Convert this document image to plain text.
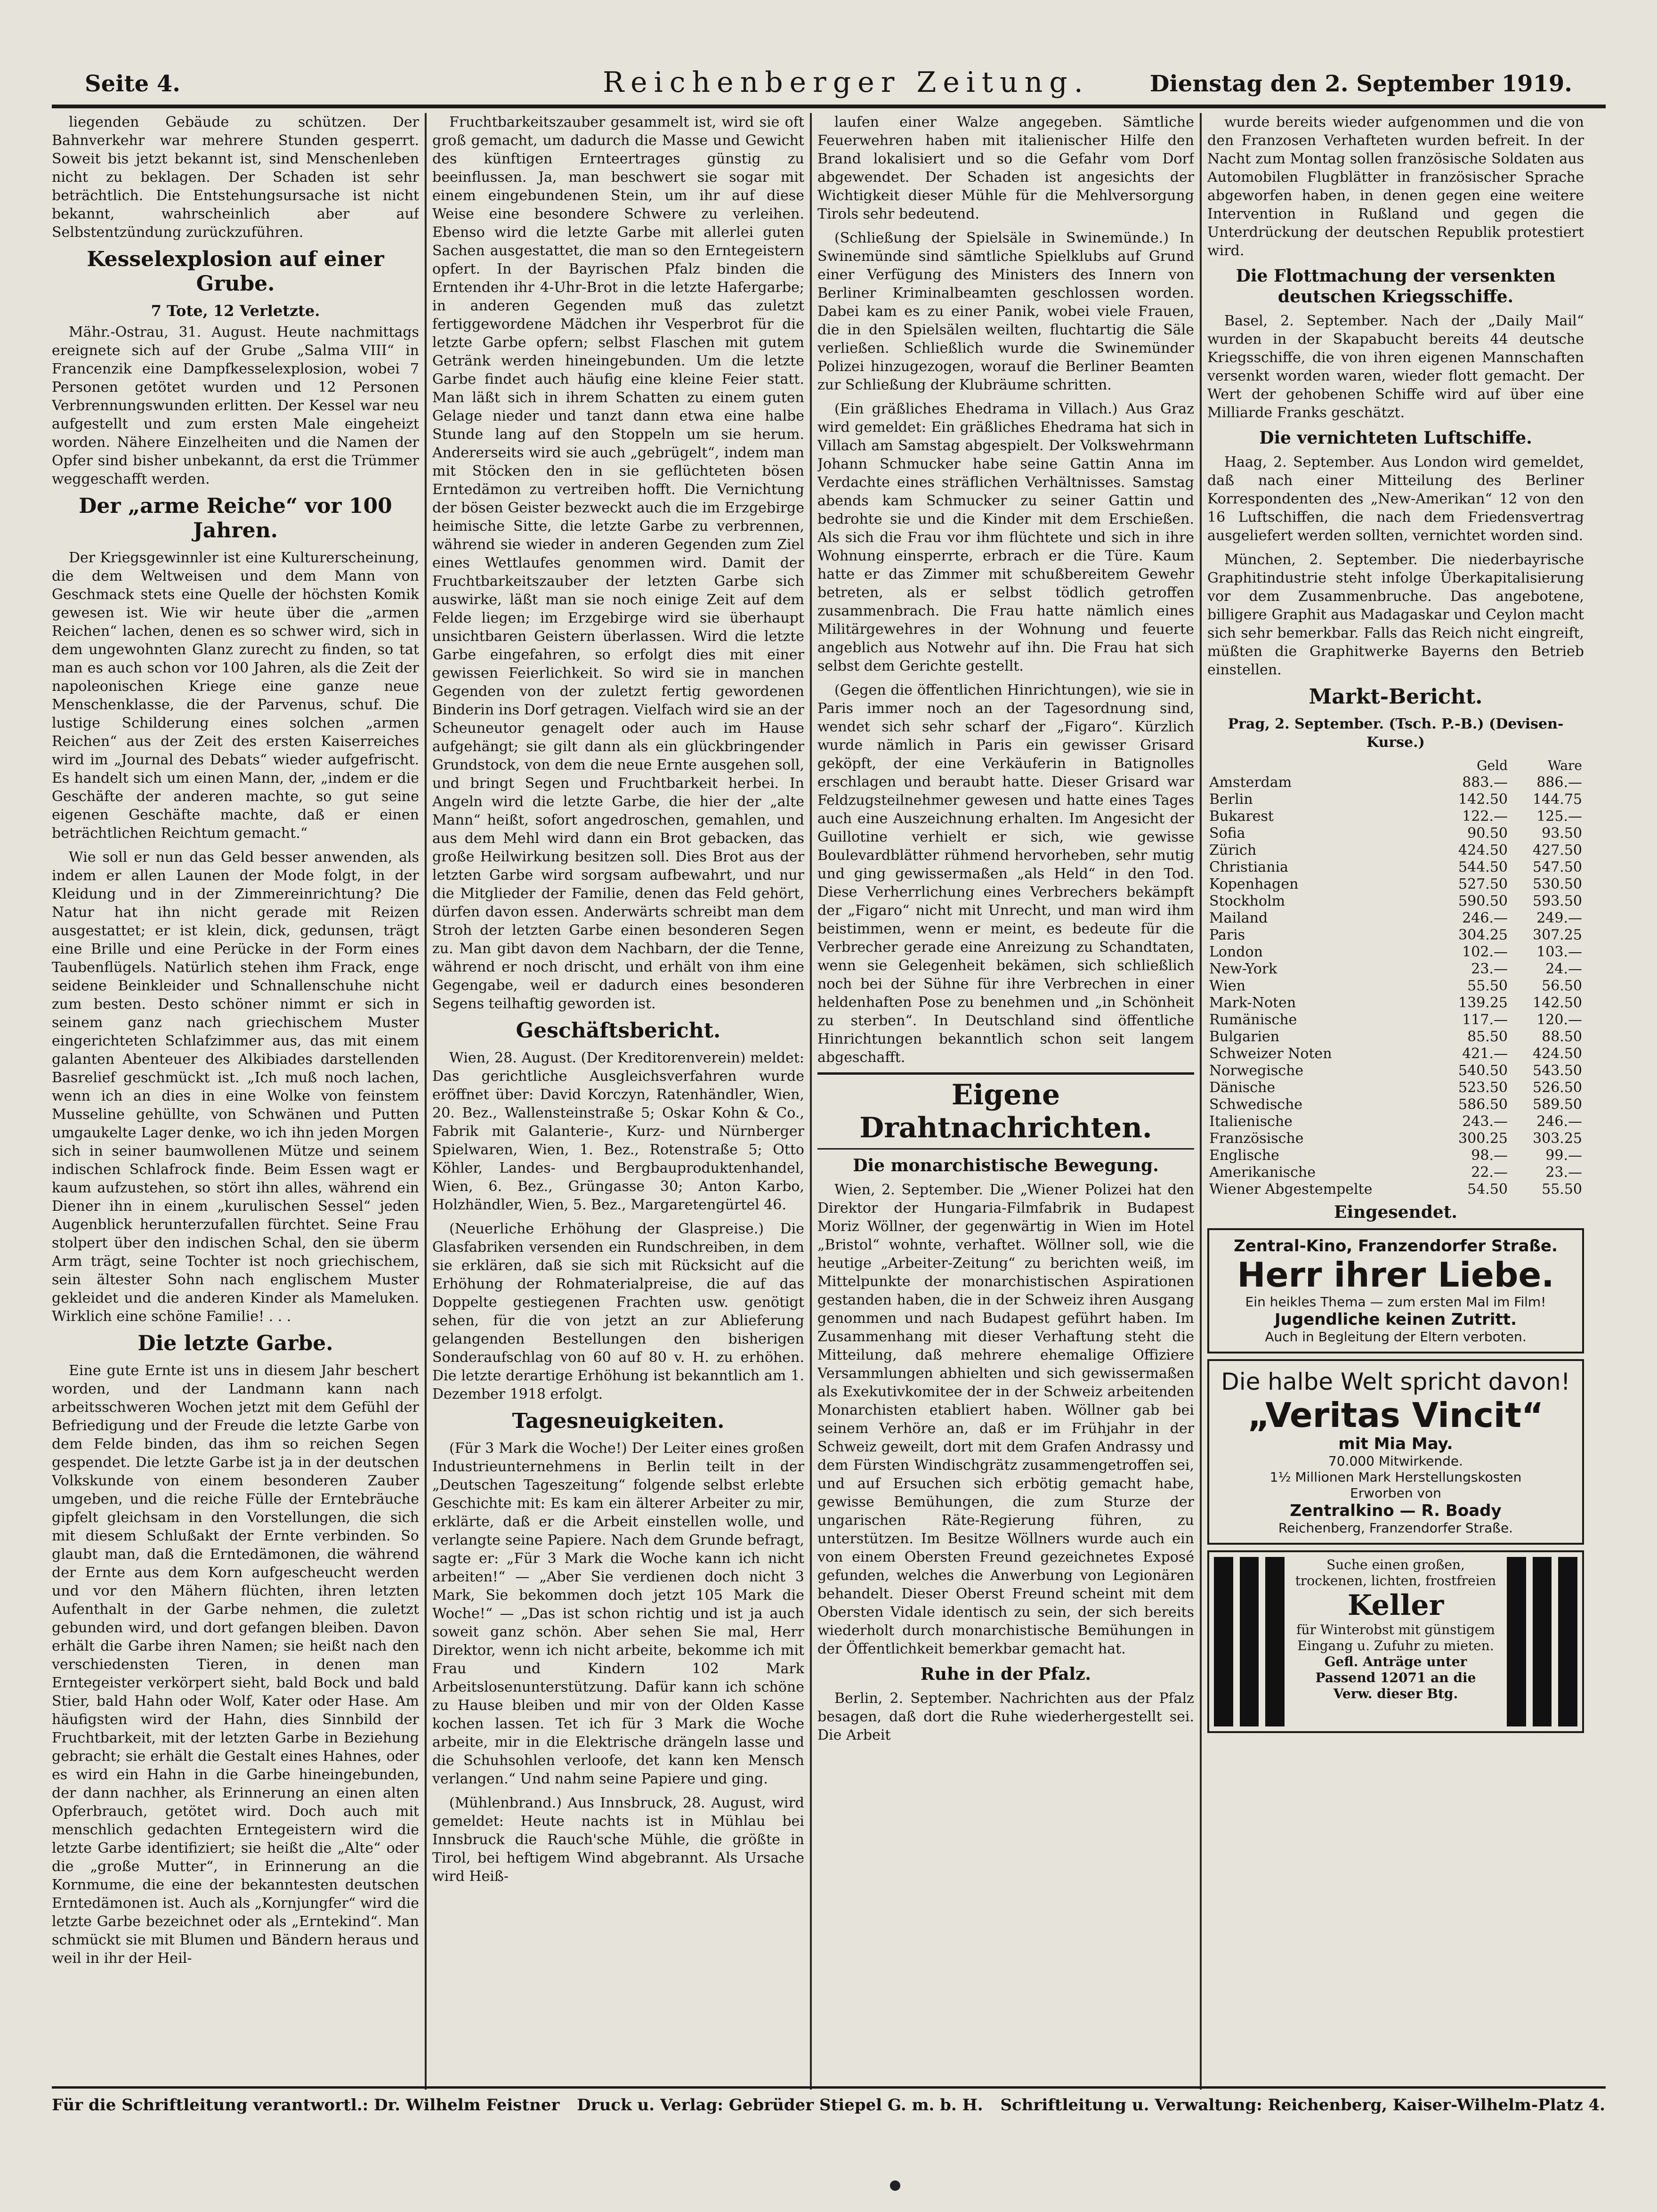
Seite 4.	Reichenberger Zeitung.	Dienstag den 2. September 1919.

liegenden Gebäude zu schützen. Der Bahnverkehr war mehrere Stunden gesperrt. Soweit bis jetzt bekannt ist, sind Menschenleben nicht zu beklagen. Der Schaden ist sehr beträchtlich. Die Entstehungsursache ist nicht bekannt, wahrscheinlich aber auf Selbstentzündung zurückzuführen.

Kesselexplosion auf einer Grube.

7 Tote, 12 Verletzte.

Mähr.-Ostrau, 31. August. Heute nachmittags ereignete sich auf der Grube „Salma VIII“ in Francenzik eine Dampfkesselexplosion, wobei 7 Personen getötet wurden und 12 Personen Verbrennungswunden erlitten. Der Kessel war neu aufgestellt und zum ersten Male eingeheizt worden. Nähere Einzelheiten und die Namen der Opfer sind bisher unbekannt, da erst die Trümmer weggeschafft werden.

Der „arme Reiche“ vor 100 Jahren.

Der Kriegsgewinnler ist eine Kulturerscheinung, die dem Weltweisen und dem Mann von Geschmack stets eine Quelle der höchsten Komik gewesen ist. Wie wir heute über die „armen Reichen“ lachen, denen es so schwer wird, sich in dem ungewohnten Glanz zurecht zu finden, so tat man es auch schon vor 100 Jahren, als die Zeit der napoleonischen Kriege eine ganze neue Menschenklasse, die der Parvenus, schuf. Die lustige Schilderung eines solchen „armen Reichen“ aus der Zeit des ersten Kaiserreiches wird im „Journal des Debats“ wieder aufgefrischt. Es handelt sich um einen Mann, der, „indem er die Geschäfte der anderen machte, so gut seine eigenen Geschäfte machte, daß er einen beträchtlichen Reichtum gemacht.“

Wie soll er nun das Geld besser anwenden, als indem er allen Launen der Mode folgt, in der Kleidung und in der Zimmereinrichtung? Die Natur hat ihn nicht gerade mit Reizen ausgestattet; er ist klein, dick, gedunsen, trägt eine Brille und eine Perücke in der Form eines Taubenflügels. Natürlich stehen ihm Frack, enge seidene Beinkleider und Schnallenschuhe nicht zum besten. Desto schöner nimmt er sich in seinem ganz nach griechischem Muster eingerichteten Schlafzimmer aus, das mit einem galanten Abenteuer des Alkibiades darstellenden Basrelief geschmückt ist. „Ich muß noch lachen, wenn ich an dies in eine Wolke von feinstem Musseline gehüllte, von Schwänen und Putten umgaukelte Lager denke, wo ich ihn jeden Morgen sich in seiner baumwollenen Mütze und seinem indischen Schlafrock finde. Beim Essen wagt er kaum aufzustehen, so stört ihn alles, während ein Diener ihn in einem „kurulischen Sessel“ jeden Augenblick herunterzufallen fürchtet. Seine Frau stolpert über den indischen Schal, den sie überm Arm trägt, seine Tochter ist noch griechischem, sein ältester Sohn nach englischem Muster gekleidet und die anderen Kinder als Mameluken. Wirklich eine schöne Familie! . . .

Die letzte Garbe.

Eine gute Ernte ist uns in diesem Jahr beschert worden, und der Landmann kann nach arbeitsschweren Wochen jetzt mit dem Gefühl der Befriedigung und der Freude die letzte Garbe von dem Felde binden, das ihm so reichen Segen gespendet. Die letzte Garbe ist ja in der deutschen Volkskunde von einem besonderen Zauber umgeben, und die reiche Fülle der Erntebräuche gipfelt gleichsam in den Vorstellungen, die sich mit diesem Schlußakt der Ernte verbinden. So glaubt man, daß die Erntedämonen, die während der Ernte aus dem Korn aufgescheucht werden und vor den Mähern flüchten, ihren letzten Aufenthalt in der Garbe nehmen, die zuletzt gebunden wird, und dort gefangen bleiben. Davon erhält die Garbe ihren Namen; sie heißt nach den verschiedensten Tieren, in denen man Erntegeister verkörpert sieht, bald Bock und bald Stier, bald Hahn oder Wolf, Kater oder Hase. Am häufigsten wird der Hahn, dies Sinnbild der Fruchtbarkeit, mit der letzten Garbe in Beziehung gebracht; sie erhält die Gestalt eines Hahnes, oder es wird ein Hahn in die Garbe hineingebunden, der dann nachher, als Erinnerung an einen alten Opferbrauch, getötet wird. Doch auch mit menschlich gedachten Erntegeistern wird die letzte Garbe identifiziert; sie heißt die „Alte“ oder die „große Mutter“, in Erinnerung an die Kornmume, die eine der bekanntesten deutschen Erntedämonen ist. Auch als „Kornjungfer“ wird die letzte Garbe bezeichnet oder als „Erntekind“. Man schmückt sie mit Blumen und Bändern heraus und weil in ihr der Heil-

Fruchtbarkeitszauber gesammelt ist, wird sie oft groß gemacht, um dadurch die Masse und Gewicht des künftigen Ernteertrages günstig zu beeinflussen. Ja, man beschwert sie sogar mit einem eingebundenen Stein, um ihr auf diese Weise eine besondere Schwere zu verleihen. Ebenso wird die letzte Garbe mit allerlei guten Sachen ausgestattet, die man so den Erntegeistern opfert. In der Bayrischen Pfalz binden die Erntenden ihr 4-Uhr-Brot in die letzte Hafergarbe; in anderen Gegenden muß das zuletzt fertiggewordene Mädchen ihr Vesperbrot für die letzte Garbe opfern; selbst Flaschen mit gutem Getränk werden hineingebunden. Um die letzte Garbe findet auch häufig eine kleine Feier statt. Man läßt sich in ihrem Schatten zu einem guten Gelage nieder und tanzt dann etwa eine halbe Stunde lang auf den Stoppeln um sie herum. Andererseits wird sie auch „gebrügelt“, indem man mit Stöcken den in sie geflüchteten bösen Erntedämon zu vertreiben hofft. Die Vernichtung der bösen Geister bezweckt auch die im Erzgebirge heimische Sitte, die letzte Garbe zu verbrennen, während sie wieder in anderen Gegenden zum Ziel eines Wettlaufes genommen wird. Damit der Fruchtbarkeitszauber der letzten Garbe sich auswirke, läßt man sie noch einige Zeit auf dem Felde liegen; im Erzgebirge wird sie überhaupt unsichtbaren Geistern überlassen. Wird die letzte Garbe eingefahren, so erfolgt dies mit einer gewissen Feierlichkeit. So wird sie in manchen Gegenden von der zuletzt fertig gewordenen Binderin ins Dorf getragen. Vielfach wird sie an der Scheuneutor genagelt oder auch im Hause aufgehängt; sie gilt dann als ein glückbringender Grundstock, von dem die neue Ernte ausgehen soll, und bringt Segen und Fruchtbarkeit herbei. In Angeln wird die letzte Garbe, die hier der „alte Mann“ heißt, sofort angedroschen, gemahlen, und aus dem Mehl wird dann ein Brot gebacken, das große Heilwirkung besitzen soll. Dies Brot aus der letzten Garbe wird sorgsam aufbewahrt, und nur die Mitglieder der Familie, denen das Feld gehört, dürfen davon essen. Anderwärts schreibt man dem Stroh der letzten Garbe einen besonderen Segen zu. Man gibt davon dem Nachbarn, der die Tenne, während er noch drischt, und erhält von ihm eine Gegengabe, weil er dadurch eines besonderen Segens teilhaftig geworden ist.

Geschäftsbericht.

Wien, 28. August. (Der Kreditorenverein) meldet: Das gerichtliche Ausgleichsverfahren wurde eröffnet über: David Korczyn, Ratenhändler, Wien, 20. Bez., Wallensteinstraße 5; Oskar Kohn & Co., Fabrik mit Galanterie-, Kurz- und Nürnberger Spielwaren, Wien, 1. Bez., Rotenstraße 5; Otto Köhler, Landes- und Bergbauproduktenhandel, Wien, 6. Bez., Grüngasse 30; Anton Karbo, Holzhändler, Wien, 5. Bez., Margaretengürtel 46.

(Neuerliche Erhöhung der Glaspreise.) Die Glasfabriken versenden ein Rundschreiben, in dem sie erklären, daß sie sich mit Rücksicht auf die Erhöhung der Rohmaterialpreise, die auf das Doppelte gestiegenen Frachten usw. genötigt sehen, für die von jetzt an zur Ablieferung gelangenden Bestellungen den bisherigen Sonderaufschlag von 60 auf 80 v. H. zu erhöhen. Die letzte derartige Erhöhung ist bekanntlich am 1. Dezember 1918 erfolgt.

Tagesneuigkeiten.

(Für 3 Mark die Woche!) Der Leiter eines großen Industrieunternehmens in Berlin teilt in der „Deutschen Tageszeitung“ folgende selbst erlebte Geschichte mit: Es kam ein älterer Arbeiter zu mir, erklärte, daß er die Arbeit einstellen wolle, und verlangte seine Papiere. Nach dem Grunde befragt, sagte er: „Für 3 Mark die Woche kann ich nicht arbeiten!“ — „Aber Sie verdienen doch nicht 3 Mark, Sie bekommen doch jetzt 105 Mark die Woche!“ — „Das ist schon richtig und ist ja auch soweit ganz schön. Aber sehen Sie mal, Herr Direktor, wenn ich nicht arbeite, bekomme ich mit Frau und Kindern 102 Mark Arbeitslosenunterstützung. Dafür kann ich schöne zu Hause bleiben und mir von der Olden Kasse kochen lassen. Tet ich für 3 Mark die Woche arbeite, mir in die Elektrische drängeln lasse und die Schuhsohlen verloofe, det kann ken Mensch verlangen.“ Und nahm seine Papiere und ging.

(Mühlenbrand.) Aus Innsbruck, 28. August, wird gemeldet: Heute nachts ist in Mühlau bei Innsbruck die Rauch'sche Mühle, die größte in Tirol, bei heftigem Wind abgebrannt. Als Ursache wird Heiß-

laufen einer Walze angegeben. Sämtliche Feuerwehren haben mit italienischer Hilfe den Brand lokalisiert und so die Gefahr vom Dorf abgewendet. Der Schaden ist angesichts der Wichtigkeit dieser Mühle für die Mehlversorgung Tirols sehr bedeutend.

(Schließung der Spielsäle in Swinemünde.) In Swinemünde sind sämtliche Spielklubs auf Grund einer Verfügung des Ministers des Innern von Berliner Kriminalbeamten geschlossen worden. Dabei kam es zu einer Panik, wobei viele Frauen, die in den Spielsälen weilten, fluchtartig die Säle verließen. Schließlich wurde die Swinemünder Polizei hinzugezogen, worauf die Berliner Beamten zur Schließung der Klubräume schritten.

(Ein gräßliches Ehedrama in Villach.) Aus Graz wird gemeldet: Ein gräßliches Ehedrama hat sich in Villach am Samstag abgespielt. Der Volkswehrmann Johann Schmucker habe seine Gattin Anna im Verdachte eines sträflichen Verhältnisses. Samstag abends kam Schmucker zu seiner Gattin und bedrohte sie und die Kinder mit dem Erschießen. Als sich die Frau vor ihm flüchtete und sich in ihre Wohnung einsperrte, erbrach er die Türe. Kaum hatte er das Zimmer mit schußbereitem Gewehr betreten, als er selbst tödlich getroffen zusammenbrach. Die Frau hatte nämlich eines Militärgewehres in der Wohnung und feuerte angeblich aus Notwehr auf ihn. Die Frau hat sich selbst dem Gerichte gestellt.

(Gegen die öffentlichen Hinrichtungen), wie sie in Paris immer noch an der Tagesordnung sind, wendet sich sehr scharf der „Figaro“. Kürzlich wurde nämlich in Paris ein gewisser Grisard geköpft, der eine Verkäuferin in Batignolles erschlagen und beraubt hatte. Dieser Grisard war Feldzugsteilnehmer gewesen und hatte eines Tages auch eine Auszeichnung erhalten. Im Angesicht der Guillotine verhielt er sich, wie gewisse Boulevardblätter rühmend hervorheben, sehr mutig und ging gewissermaßen „als Held“ in den Tod. Diese Verherrlichung eines Verbrechers bekämpft der „Figaro“ nicht mit Unrecht, und man wird ihm beistimmen, wenn er meint, es bedeute für die Verbrecher gerade eine Anreizung zu Schandtaten, wenn sie Gelegenheit bekämen, sich schließlich noch bei der Sühne für ihre Verbrechen in einer heldenhaften Pose zu benehmen und „in Schönheit zu sterben“. In Deutschland sind öffentliche Hinrichtungen bekanntlich schon seit langem abgeschafft.

Eigene Drahtnachrichten.
Die monarchistische Bewegung.

Wien, 2. September. Die „Wiener Polizei hat den Direktor der Hungaria-Filmfabrik in Budapest Moriz Wöllner, der gegenwärtig in Wien im Hotel „Bristol“ wohnte, verhaftet. Wöllner soll, wie die heutige „Arbeiter-Zeitung“ zu berichten weiß, im Mittelpunkte der monarchistischen Aspirationen gestanden haben, die in der Schweiz ihren Ausgang genommen und nach Budapest geführt haben. Im Zusammenhang mit dieser Verhaftung steht die Mitteilung, daß mehrere ehemalige Offiziere Versammlungen abhielten und sich gewissermaßen als Exekutivkomitee der in der Schweiz arbeitenden Monarchisten etabliert haben. Wöllner gab bei seinem Verhöre an, daß er im Frühjahr in der Schweiz geweilt, dort mit dem Grafen Andrassy und dem Fürsten Windischgrätz zusammengetroffen sei, und auf Ersuchen sich erbötig gemacht habe, gewisse Bemühungen, die zum Sturze der ungarischen Räte-Regierung führen, zu unterstützen. Im Besitze Wöllners wurde auch ein von einem Obersten Freund gezeichnetes Exposé gefunden, welches die Anwerbung von Legionären behandelt. Dieser Oberst Freund scheint mit dem Obersten Vidale identisch zu sein, der sich bereits wiederholt durch monarchistische Bemühungen in der Öffentlichkeit bemerkbar gemacht hat.

Ruhe in der Pfalz.

Berlin, 2. September. Nachrichten aus der Pfalz besagen, daß dort die Ruhe wiederhergestellt sei. Die Arbeit

wurde bereits wieder aufgenommen und die von den Franzosen Verhafteten wurden befreit. In der Nacht zum Montag sollen französische Soldaten aus Automobilen Flugblätter in französischer Sprache abgeworfen haben, in denen gegen eine weitere Intervention in Rußland und gegen die Unterdrückung der deutschen Republik protestiert wird.

Die Flottmachung der versenkten deutschen Kriegsschiffe.

Basel, 2. September. Nach der „Daily Mail“ wurden in der Skapabucht bereits 44 deutsche Kriegsschiffe, die von ihren eigenen Mannschaften versenkt worden waren, wieder flott gemacht. Der Wert der gehobenen Schiffe wird auf über eine Milliarde Franks geschätzt.

Die vernichteten Luftschiffe.

Haag, 2. September. Aus London wird gemeldet, daß nach einer Mitteilung des Berliner Korrespondenten des „New-Amerikan“ 12 von den 16 Luftschiffen, die nach dem Friedensvertrag ausgeliefert werden sollten, vernichtet worden sind.

München, 2. September. Die niederbayrische Graphitindustrie steht infolge Überkapitalisierung vor dem Zusammenbruche. Das angebotene, billigere Graphit aus Madagaskar und Ceylon macht sich sehr bemerkbar. Falls das Reich nicht eingreift, müßten die Graphitwerke Bayerns den Betrieb einstellen.

Markt-Bericht.

Prag, 2. September. (Tsch. P.-B.) (Devisen-Kurse.)

	Geld	Ware
Amsterdam	883.—	886.—
Berlin	142.50	144.75
Bukarest	122.—	125.—
Sofia	90.50	93.50
Zürich	424.50	427.50
Christiania	544.50	547.50
Kopenhagen	527.50	530.50
Stockholm	590.50	593.50
Mailand	246.—	249.—
Paris	304.25	307.25
London	102.—	103.—
New-York	23.—	24.—
Wien	55.50	56.50
Mark-Noten	139.25	142.50
Rumänische	117.—	120.—
Bulgarien	85.50	88.50
Schweizer Noten	421.—	424.50
Norwegische	540.50	543.50
Dänische	523.50	526.50
Schwedische	586.50	589.50
Italienische	243.—	246.—
Französische	300.25	303.25
Englische	98.—	99.—
Amerikanische	22.—	23.—
Wiener Abgestempelte	54.50	55.50
Eingesendet.
Zentral-Kino, Franzendorfer Straße.
Herr ihrer Liebe.
Ein heikles Thema — zum ersten Mal im Film!
Jugendliche keinen Zutritt.
Auch in Begleitung der Eltern verboten.
Die halbe Welt spricht davon!
„Veritas Vincit“
mit Mia May.
70.000 Mitwirkende.
1½ Millionen Mark Herstellungskosten
Erworben von
Zentralkino — R. Boady
Reichenberg, Franzendorfer Straße.
Suche einen großen, trockenen, lichten, frostfreien
Keller
für Winterobst mit günstigem Eingang u. Zufuhr zu mieten.
Gefl. Anträge unter Passend 12071 an die Verw. dieser Btg.
Für die Schriftleitung verantwortl.: Dr. Wilhelm Feistner Druck u. Verlag: Gebrüder Stiepel G. m. b. H. Schriftleitung u. Verwaltung: Reichenberg, Kaiser-Wilhelm-Platz 4.
